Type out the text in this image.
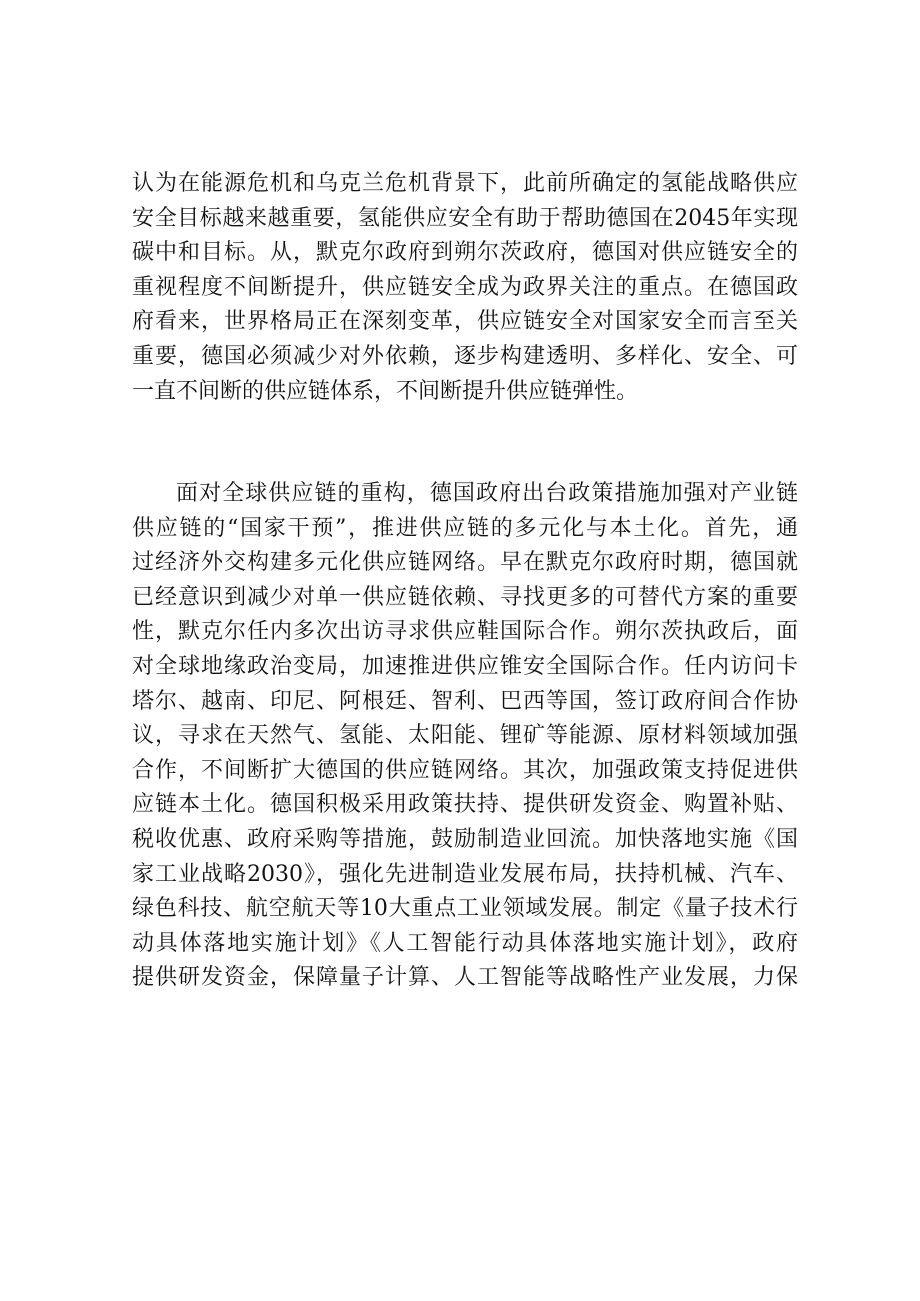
认为在能源危机和乌克兰危机背景下，此前所确定的氢能战略供应
安全目标越来越重要，氢能供应安全有助于帮助德国在2045年实现
碳中和目标。从，默克尔政府到朔尔茨政府，德国对供应链安全的
重视程度不间断提升，供应链安全成为政界关注的重点。在德国政
府看来，世界格局正在深刻变革，供应链安全对国家安全而言至关
重要，德国必须减少对外依赖，逐步构建透明、多样化、安全、可
一直不间断的供应链体系，不间断提升供应链弹性。
面对全球供应链的重构，德国政府出台政策措施加强对产业链
供应链的“国家干预”，推进供应链的多元化与本土化。首先，通
过经济外交构建多元化供应链网络。早在默克尔政府时期，德国就
已经意识到减少对单一供应链依赖、寻找更多的可替代方案的重要
性，默克尔任内多次出访寻求供应鞋国际合作。朔尔茨执政后，面
对全球地缘政治变局，加速推进供应锥安全国际合作。任内访问卡
塔尔、越南、印尼、阿根廷、智利、巴西等国，签订政府间合作协
议，寻求在天然气、氢能、太阳能、锂矿等能源、原材料领域加强
合作，不间断扩大德国的供应链网络。其次，加强政策支持促进供
应链本土化。德国积极采用政策扶持、提供研发资金、购置补贴、
税收优惠、政府采购等措施，鼓励制造业回流。加快落地实施《国
家工业战略2030》，强化先进制造业发展布局，扶持机械、汽车、
绿色科技、航空航天等10大重点工业领域发展。制定《量子技术行
动具体落地实施计划》《人工智能行动具体落地实施计划》，政府
提供研发资金，保障量子计算、人工智能等战略性产业发展，力保
